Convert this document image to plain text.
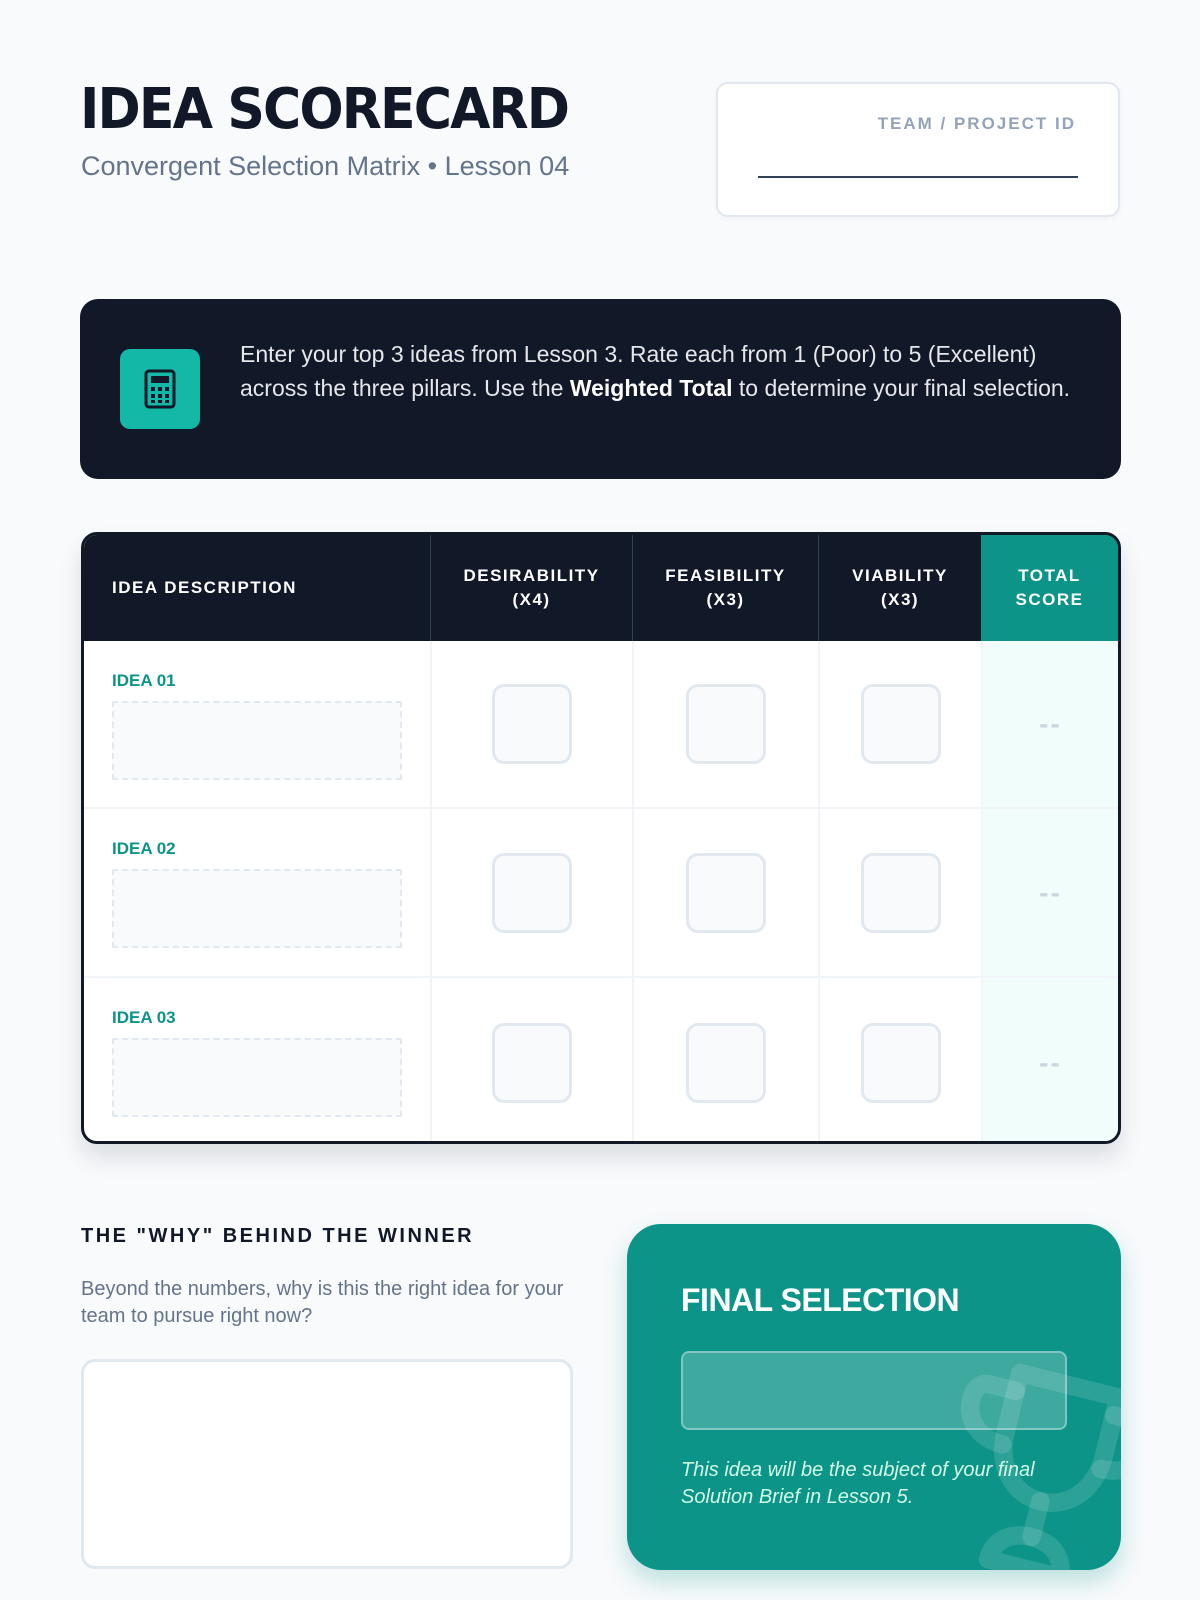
IDEA SCORECARD
Convergent Selection Matrix • Lesson 04
TEAM / PROJECT ID
Enter your top 3 ideas from Lesson 3. Rate each from 1 (Poor) to 5 (Excellent) across the three pillars. Use the Weighted Total to determine your final selection.
IDEA DESCRIPTION
DESIRABILITY
(X4)
FEASIBILITY
(X3)
VIABILITY
(X3)
TOTAL
SCORE
IDEA 01
--
IDEA 02
--
IDEA 03
--
THE "WHY" BEHIND THE WINNER
Beyond the numbers, why is this the right idea for your team to pursue right now?	FINAL SELECTION
This idea will be the subject of your final Solution Brief in Lesson 5.
